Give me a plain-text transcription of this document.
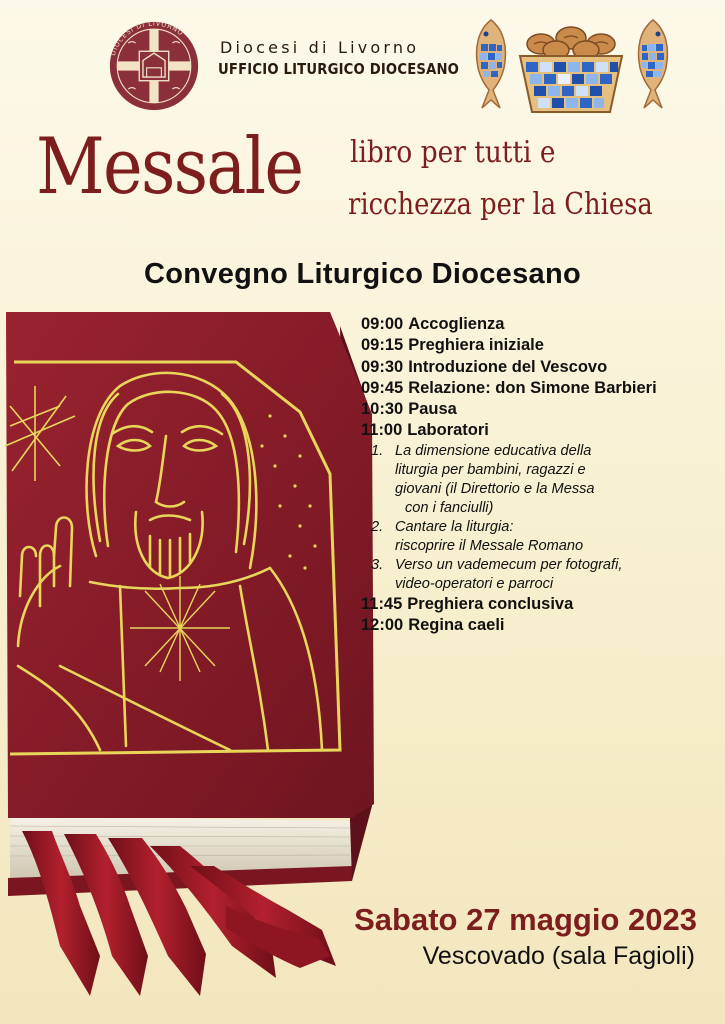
DIOCESI DI LIVORNO
Diocesi di Livorno
UFFICIO LITURGICO DIOCESANO
Messale libro per tutti e
ricchezza per la Chiesa
Convegno Liturgico Diocesano
09:00 Accoglienza
09:15 Preghiera iniziale
09:30 Introduzione del Vescovo
09:45 Relazione: don Simone Barbieri
10:30 Pausa
11:00 Laboratori
1. La dimensione educativa della
liturgia per bambini, ragazzi e
giovani (il Direttorio e la Messa

con i fanciulli)
2. Cantare la liturgia:
riscoprire il Messale Romano
3. Verso un vademecum per fotografi,
video-operatori e parroci
11:45 Preghiera conclusiva
12:00 Regina caeli
Sabato 27 maggio 2023
Vescovado (sala Fagioli)
